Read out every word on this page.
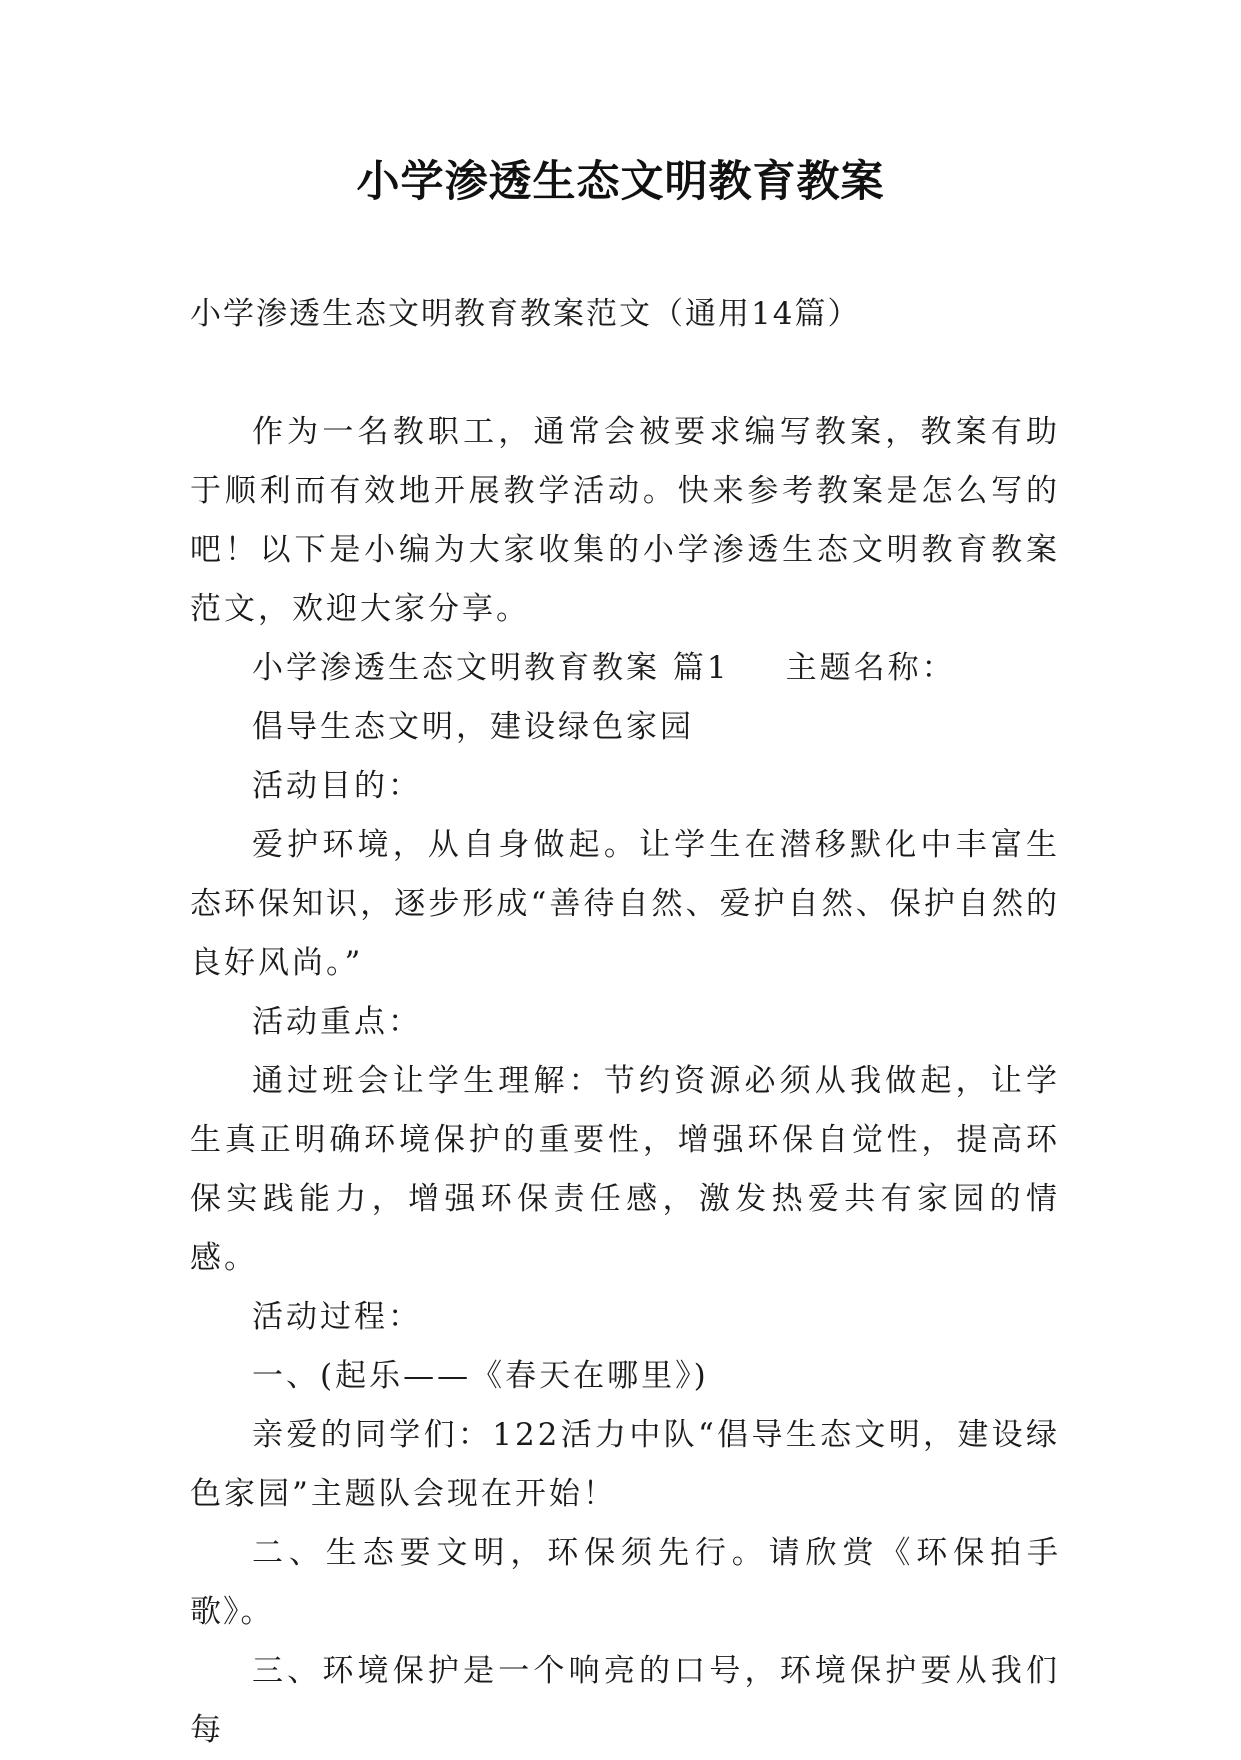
小学渗透生态文明教育教案
小学渗透生态文明教育教案范文（通用14篇）

作为一名教职工，通常会被要求编写教案，教案有助于顺利而有效地开展教学活动。快来参考教案是怎么写的吧！以下是小编为大家收集的小学渗透生态文明教育教案范文，欢迎大家分享。

小学渗透生态文明教育教案 篇1 主题名称：

倡导生态文明，建设绿色家园

活动目的：

爱护环境，从自身做起。让学生在潜移默化中丰富生态环保知识，逐步形成“善待自然、爱护自然、保护自然的良好风尚。”

活动重点：

通过班会让学生理解：节约资源必须从我做起，让学生真正明确环境保护的重要性，增强环保自觉性，提高环保实践能力，增强环保责任感，激发热爱共有家园的情感。

活动过程：

一、(起乐——《春天在哪里》)

亲爱的同学们：122活力中队“倡导生态文明，建设绿色家园”主题队会现在开始！

二、生态要文明，环保须先行。请欣赏《环保拍手歌》。

三、环境保护是一个响亮的口号，环境保护要从我们每
